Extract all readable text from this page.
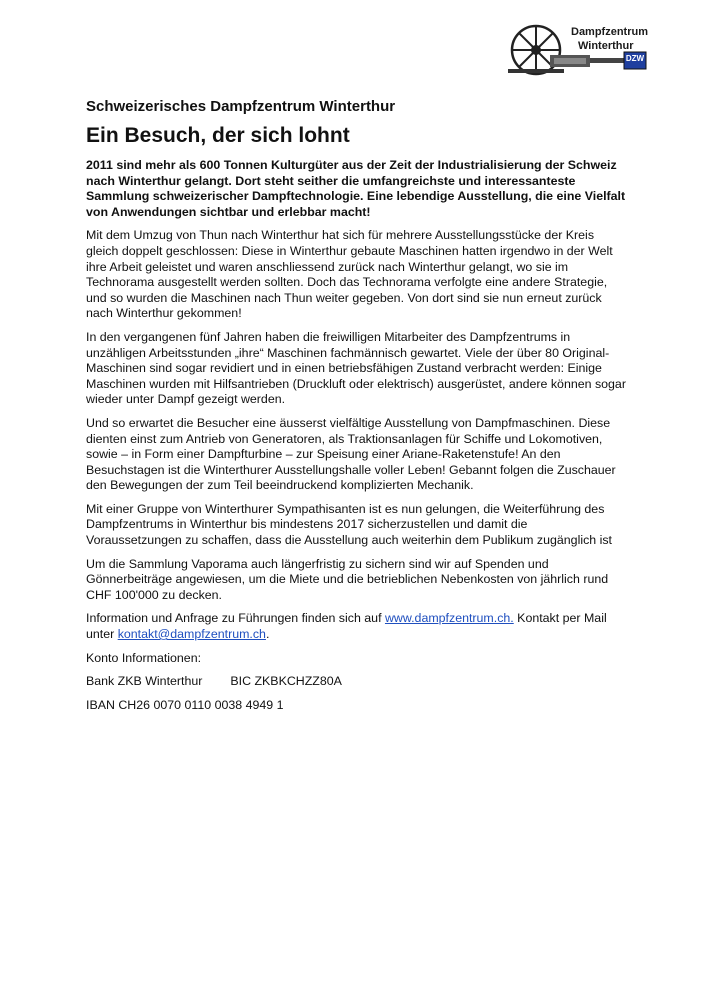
Dampfzentrum
Winterthur
DZW
Schweizerisches Dampfzentrum Winterthur
Ein Besuch, der sich lohnt

2011 sind mehr als 600 Tonnen Kulturgüter aus der Zeit der Industrialisierung der Schweiz nach Winterthur gelangt. Dort steht seither die umfangreichste und interessanteste Sammlung schweizerischer Dampftechnologie. Eine lebendige Ausstellung, die eine Vielfalt von Anwendungen sichtbar und erlebbar macht!

Mit dem Umzug von Thun nach Winterthur hat sich für mehrere Ausstellungsstücke der Kreis gleich doppelt geschlossen: Diese in Winterthur gebaute Maschinen hatten irgendwo in der Welt ihre Arbeit geleistet und waren anschliessend zurück nach Winterthur gelangt, wo sie im Technorama ausgestellt werden sollten. Doch das Technorama verfolgte eine andere Strategie, und so wurden die Maschinen nach Thun weiter gegeben. Von dort sind sie nun erneut zurück nach Winterthur gekommen!

In den vergangenen fünf Jahren haben die freiwilligen Mitarbeiter des Dampfzentrums in unzähligen Arbeitsstunden „ihre“ Maschinen fachmännisch gewartet. Viele der über 80 Original-Maschinen sind sogar revidiert und in einen betriebsfähigen Zustand verbracht werden: Einige Maschinen wurden mit Hilfsantrieben (Druckluft oder elektrisch) ausgerüstet, andere können sogar wieder unter Dampf gezeigt werden.

Und so erwartet die Besucher eine äusserst vielfältige Ausstellung von Dampfmaschinen. Diese dienten einst zum Antrieb von Generatoren, als Traktionsanlagen für Schiffe und Lokomotiven, sowie – in Form einer Dampfturbine – zur Speisung einer Ariane-Raketenstufe! An den Besuchstagen ist die Winterthurer Ausstellungshalle voller Leben! Gebannt folgen die Zuschauer den Bewegungen der zum Teil beeindruckend komplizierten Mechanik.

Mit einer Gruppe von Winterthurer Sympathisanten ist es nun gelungen, die Weiterführung des Dampfzentrums in Winterthur bis mindestens 2017 sicherzustellen und damit die Voraussetzungen zu schaffen, dass die Ausstellung auch weiterhin dem Publikum zugänglich ist

Um die Sammlung Vaporama auch längerfristig zu sichern sind wir auf Spenden und Gönnerbeiträge angewiesen, um die Miete und die betrieblichen Nebenkosten von jährlich rund CHF 100'000 zu decken.

Information und Anfrage zu Führungen finden sich auf www.dampfzentrum.ch. Kontakt per Mail unter kontakt@dampfzentrum.ch.

Konto Informationen:

Bank ZKB Winterthur BIC ZKBKCHZZ80A

IBAN CH26 0070 0110 0038 4949 1
